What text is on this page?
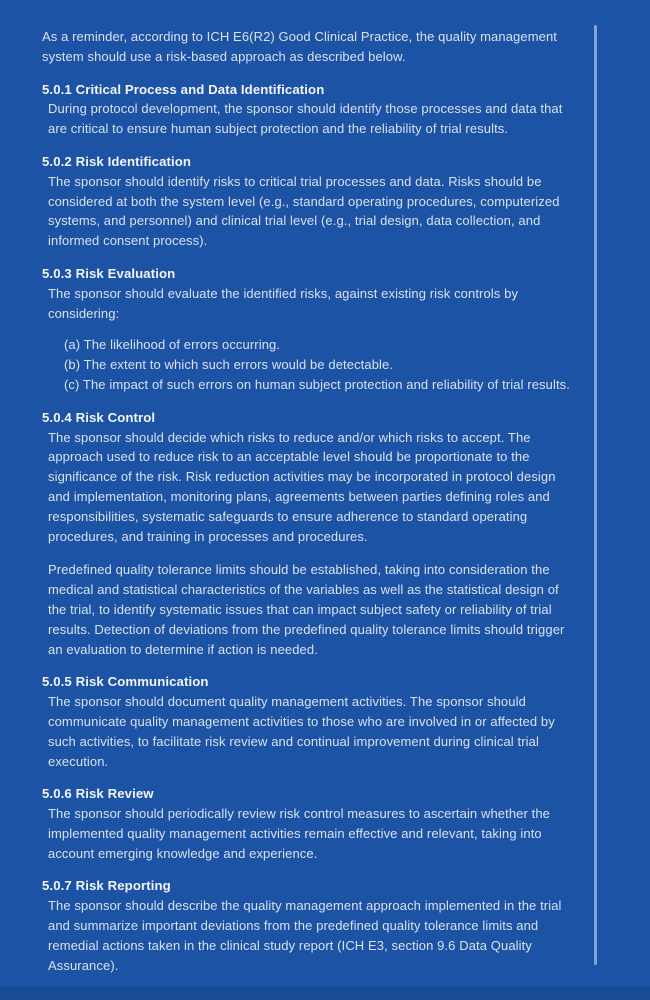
As a reminder, according to ICH E6(R2) Good Clinical Practice, the quality management
system should use a risk-based approach as described below.
5.0.1 Critical Process and Data Identification
During protocol development, the sponsor should identify those processes and data that
are critical to ensure human subject protection and the reliability of trial results.
5.0.2 Risk Identification
The sponsor should identify risks to critical trial processes and data. Risks should be
considered at both the system level (e.g., standard operating procedures, computerized
systems, and personnel) and clinical trial level (e.g., trial design, data collection, and
informed consent process).
5.0.3 Risk Evaluation
The sponsor should evaluate the identified risks, against existing risk controls by
considering:
(a) The likelihood of errors occurring.
(b) The extent to which such errors would be detectable.
(c) The impact of such errors on human subject protection and reliability of trial results.
5.0.4 Risk Control
The sponsor should decide which risks to reduce and/or which risks to accept. The
approach used to reduce risk to an acceptable level should be proportionate to the
significance of the risk. Risk reduction activities may be incorporated in protocol design
and implementation, monitoring plans, agreements between parties defining roles and
responsibilities, systematic safeguards to ensure adherence to standard operating
procedures, and training in processes and procedures.
Predefined quality tolerance limits should be established, taking into consideration the
medical and statistical characteristics of the variables as well as the statistical design of
the trial, to identify systematic issues that can impact subject safety or reliability of trial
results. Detection of deviations from the predefined quality tolerance limits should trigger
an evaluation to determine if action is needed.
5.0.5 Risk Communication
The sponsor should document quality management activities. The sponsor should
communicate quality management activities to those who are involved in or affected by
such activities, to facilitate risk review and continual improvement during clinical trial
execution.
5.0.6 Risk Review
The sponsor should periodically review risk control measures to ascertain whether the
implemented quality management activities remain effective and relevant, taking into
account emerging knowledge and experience.
5.0.7 Risk Reporting
The sponsor should describe the quality management approach implemented in the trial
and summarize important deviations from the predefined quality tolerance limits and
remedial actions taken in the clinical study report (ICH E3, section 9.6 Data Quality
Assurance).
